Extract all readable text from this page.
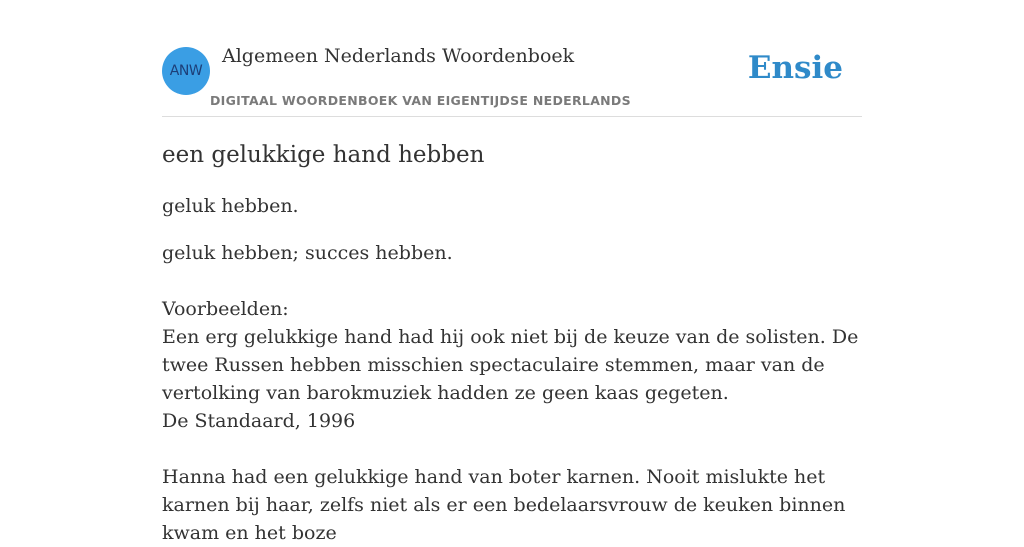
ANW
Algemeen Nederlands Woordenboek
DIGITAAL WOORDENBOEK VAN EIGENTIJDSE NEDERLANDS
Ensie
een gelukkige hand hebben

geluk hebben.

geluk hebben; succes hebben.
Voorbeelden:
Een erg gelukkige hand had hij ook niet bij de keuze van de solisten. De twee Russen hebben misschien spectaculaire stemmen, maar van de vertolking van barokmuziek hadden ze geen kaas gegeten.
De Standaard, 1996
Hanna had een gelukkige hand van boter karnen. Nooit mislukte het karnen bij haar, zelfs niet als er een bedelaarsvrouw de keuken binnen kwam en het boze
